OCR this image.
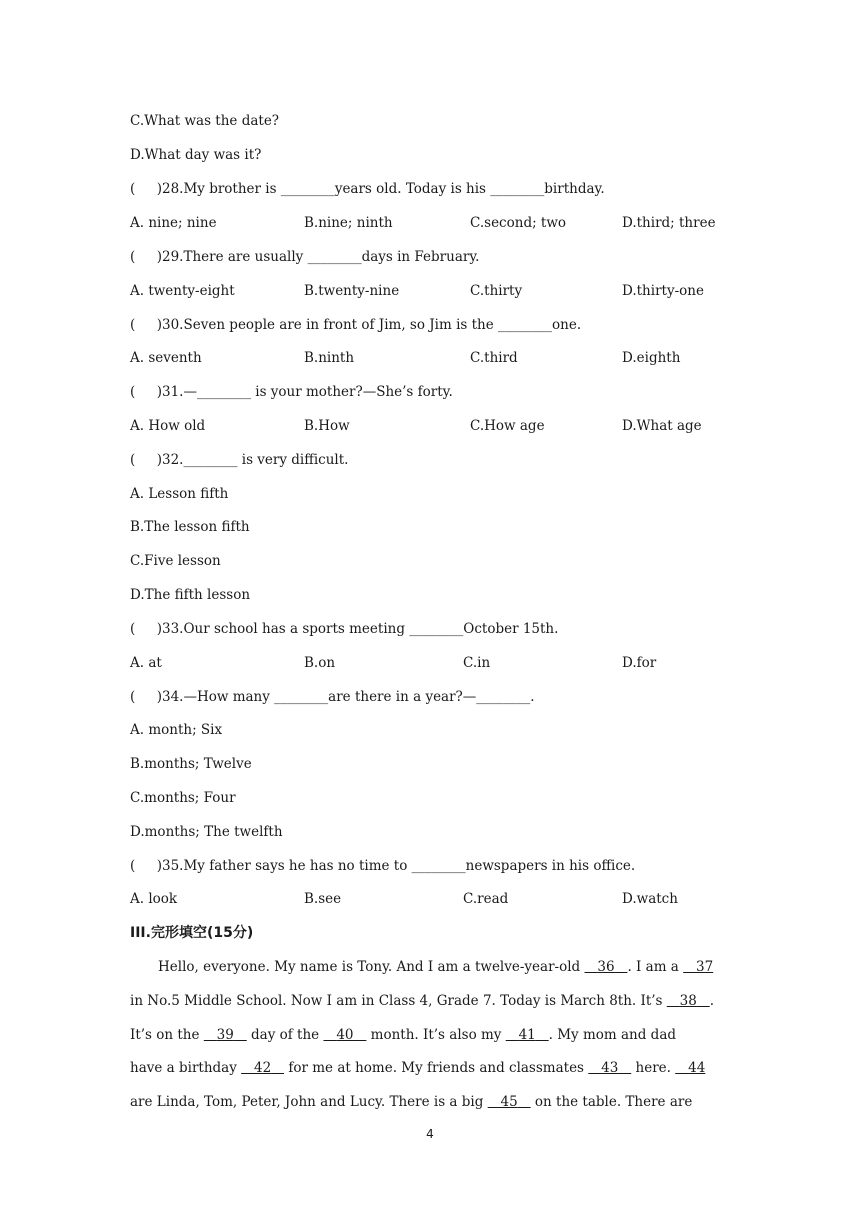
C.What was the date?
D.What day was it?
(     )28.My brother is ________years old. Today is his ________birthday.

A. nine; nine

	B.nine; ninth

	C.second; two

	D.third; three

(     )29.There are usually ________days in February.

A. twenty-eight

	B.twenty-nine

	C.thirty

	D.thirty-one

(     )30.Seven people are in front of Jim, so Jim is the ________one.

A. seventh

	B.ninth

	C.third

	D.eighth

(     )31.—________ is your mother?—She’s forty.

A. How old

	B.How

	C.How age

	D.What age

(     )32.________ is very difficult.
A. Lesson fifth
B.The lesson fifth
C.Five lesson
D.The fifth lesson
(     )33.Our school has a sports meeting ________October 15th.

A. at

	B.on

	C.in

	D.for

(     )34.—How many ________are there in a year?—________.
A. month; Six
B.months; Twelve
C.months; Four
D.months; The twelfth
(     )35.My father says he has no time to ________newspapers in his office.

A. look

	B.see

	C.read

	D.watch

III.完形填空(15分)
Hello, everyone. My name is Tony. And I am a twelve-year-old    36 . I am a    37
in No.5 Middle School. Now I am in Class 4, Grade 7. Today is March 8th. It’s    38 .
It’s on the    39    day of the    40    month. It’s also my    41 . My mom and dad
have a birthday    42    for me at home. My friends and classmates    43    here.    44
are Linda, Tom, Peter, John and Lucy. There is a big    45    on the table. There are
4
